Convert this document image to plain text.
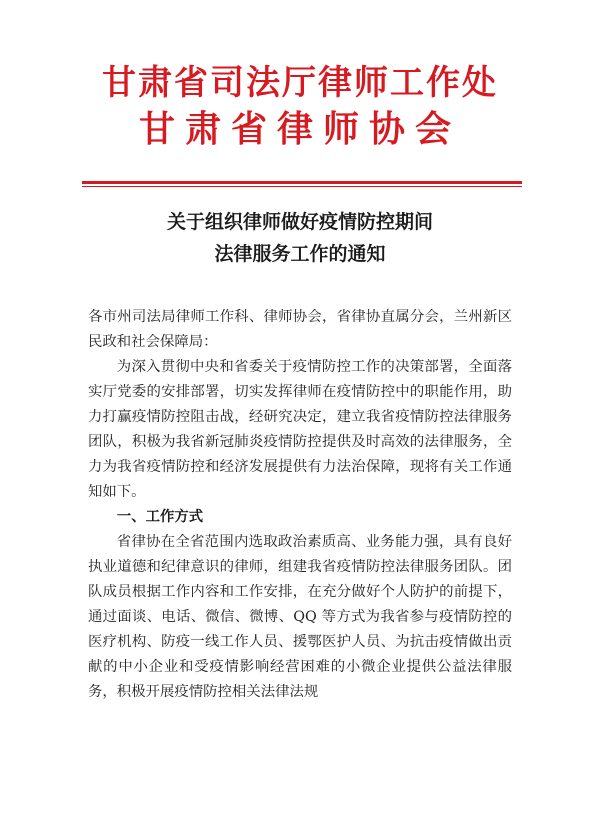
甘肃省司法厅律师工作处
甘肃省律师协会
关于组织律师做好疫情防控期间
法律服务工作的通知

各市州司法局律师工作科、律师协会，省律协直属分会，兰州新区民政和社会保障局：

为深入贯彻中央和省委关于疫情防控工作的决策部署，全面落实厅党委的安排部署，切实发挥律师在疫情防控中的职能作用，助力打赢疫情防控阻击战，经研究决定，建立我省疫情防控法律服务团队，积极为我省新冠肺炎疫情防控提供及时高效的法律服务，全力为我省疫情防控和经济发展提供有力法治保障，现将有关工作通知如下。

一、工作方式

省律协在全省范围内选取政治素质高、业务能力强，具有良好执业道德和纪律意识的律师，组建我省疫情防控法律服务团队。团队成员根据工作内容和工作安排，在充分做好个人防护的前提下，通过面谈、电话、微信、微博、QQ 等方式为我省参与疫情防控的医疗机构、防疫一线工作人员、援鄂医护人员、为抗击疫情做出贡献的中小企业和受疫情影响经营困难的小微企业提供公益法律服务，积极开展疫情防控相关法律法规
